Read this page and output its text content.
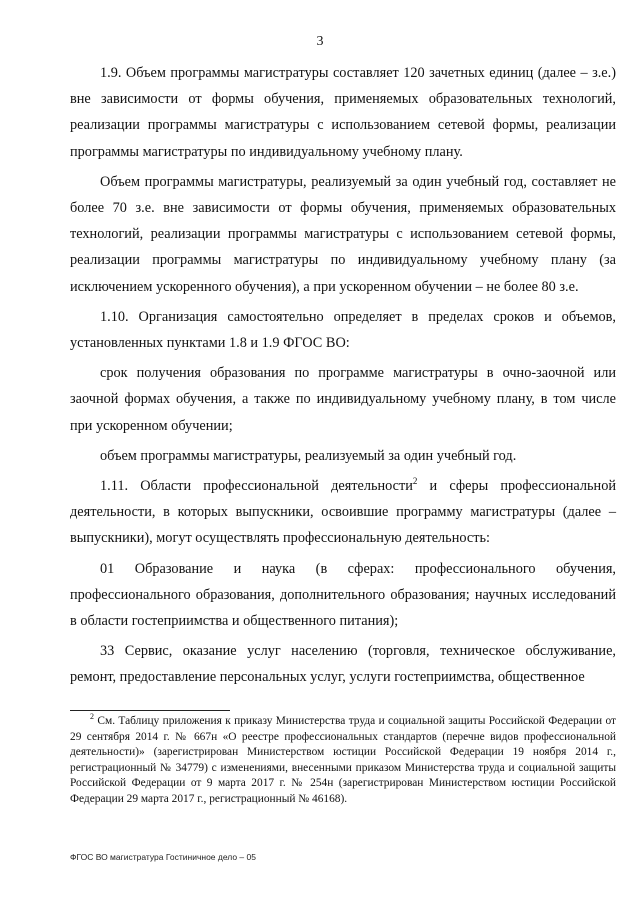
3

1.9. Объем программы магистратуры составляет 120 зачетных единиц (далее – з.е.) вне зависимости от формы обучения, применяемых образовательных технологий, реализации программы магистратуры с использованием сетевой формы, реализации программы магистратуры по индивидуальному учебному плану.

Объем программы магистратуры, реализуемый за один учебный год, составляет не более 70 з.е. вне зависимости от формы обучения, применяемых образовательных технологий, реализации программы магистратуры с использованием сетевой формы, реализации программы магистратуры по индивидуальному учебному плану (за исключением ускоренного обучения), а при ускоренном обучении – не более 80 з.е.

1.10. Организация самостоятельно определяет в пределах сроков и объемов, установленных пунктами 1.8 и 1.9 ФГОС ВО:

срок получения образования по программе магистратуры в очно-заочной или заочной формах обучения, а также по индивидуальному учебному плану, в том числе при ускоренном обучении;

объем программы магистратуры, реализуемый за один учебный год.

1.11. Области профессиональной деятельности$^2$ и сферы профессиональной деятельности, в которых выпускники, освоившие программу магистратуры (далее – выпускники), могут осуществлять профессиональную деятельность:

01 Образование и наука (в сферах: профессионального обучения, профессионального образования, дополнительного образования; научных исследований в области гостеприимства и общественного питания);

33 Сервис, оказание услуг населению (торговля, техническое обслуживание, ремонт, предоставление персональных услуг, услуги гостеприимства, общественное

$^2$ См. Таблицу приложения к приказу Министерства труда и социальной защиты Российской Федерации от 29 сентября 2014 г. № 667н «О реестре профессиональных стандартов (перечне видов профессиональной деятельности)» (зарегистрирован Министерством юстиции Российской Федерации 19 ноября 2014 г., регистрационный № 34779) с изменениями, внесенными приказом Министерства труда и социальной защиты Российской Федерации от 9 марта 2017 г. № 254н (зарегистрирован Министерством юстиции Российской Федерации 29 марта 2017 г., регистрационный № 46168).

ФГОС ВО магистратура Гостиничное дело – 05
